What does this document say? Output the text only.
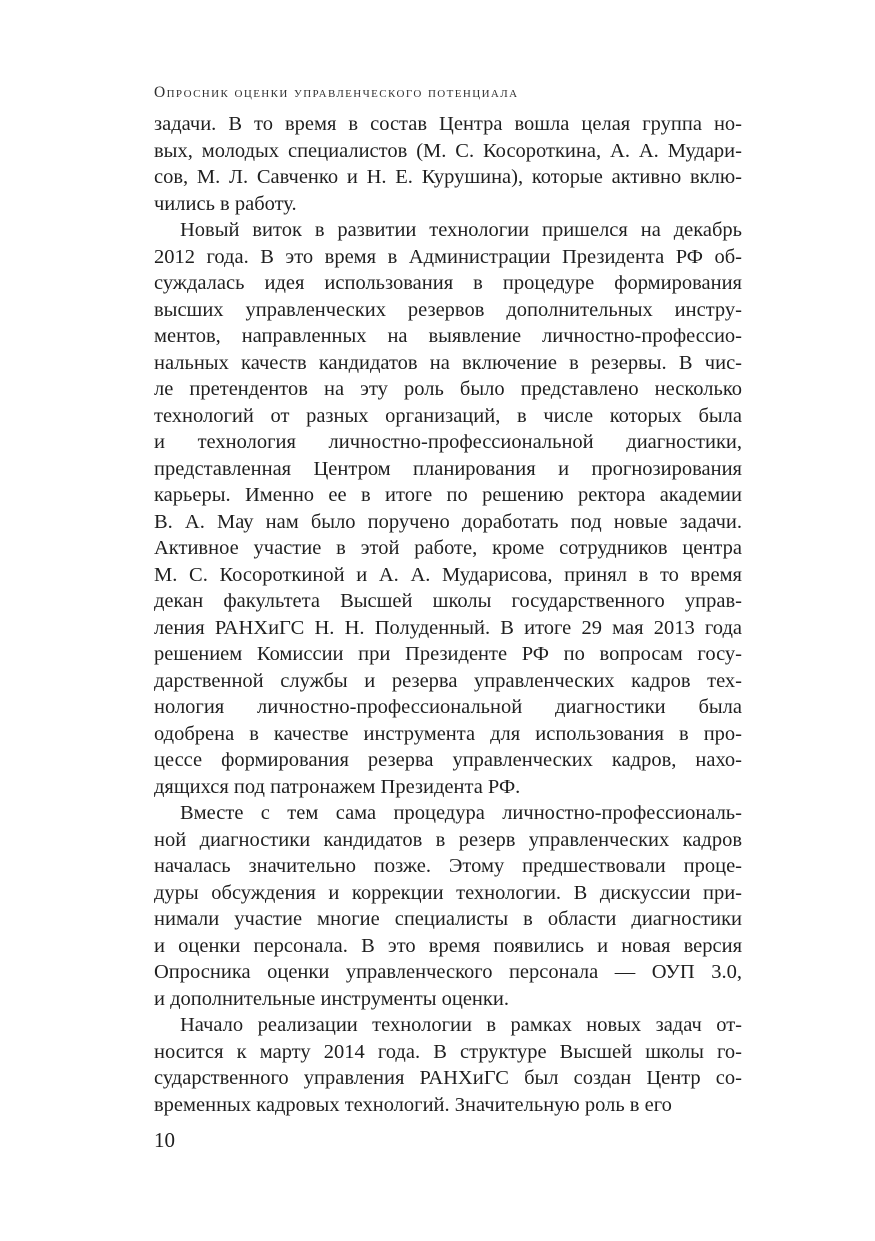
Опросник оценки управленческого потенциала

задачи. В то время в состав Центра вошла целая группа но-
вых, молодых специалистов (М. С. Косороткина, А. А. Мудари-
сов, М. Л. Савченко и Н. Е. Курушина), которые активно вклю-
чились в работу.

Новый виток в развитии технологии пришелся на декабрь
2012 года. В это время в Администрации Президента РФ об-
суждалась идея использования в процедуре формирования
высших управленческих резервов дополнительных инстру-
ментов, направленных на выявление личностно-профессио-
нальных качеств кандидатов на включение в резервы. В чис-
ле претендентов на эту роль было представлено несколько
технологий от разных организаций, в числе которых была
и технология личностно-профессиональной диагностики,
представленная Центром планирования и прогнозирования
карьеры. Именно ее в итоге по решению ректора академии
В. А. Мау нам было поручено доработать под новые задачи.
Активное участие в этой работе, кроме сотрудников центра
М. С. Косороткиной и А. А. Мударисова, принял в то время
декан факультета Высшей школы государственного управ-
ления РАНХиГС Н. Н. Полуденный. В итоге 29 мая 2013 года
решением Комиссии при Президенте РФ по вопросам госу-
дарственной службы и резерва управленческих кадров тех-
нология личностно-профессиональной диагностики была
одобрена в качестве инструмента для использования в про-
цессе формирования резерва управленческих кадров, нахо-
дящихся под патронажем Президента РФ.

Вместе с тем сама процедура личностно-профессиональ-
ной диагностики кандидатов в резерв управленческих кадров
началась значительно позже. Этому предшествовали проце-
дуры обсуждения и коррекции технологии. В дискуссии при-
нимали участие многие специалисты в области диагностики
и оценки персонала. В это время появились и новая версия
Опросника оценки управленческого персонала — ОУП 3.0,
и дополнительные инструменты оценки.

Начало реализации технологии в рамках новых задач от-
носится к марту 2014 года. В структуре Высшей школы го-
сударственного управления РАНХиГС был создан Центр со-
временных кадровых технологий. Значительную роль в его

10
